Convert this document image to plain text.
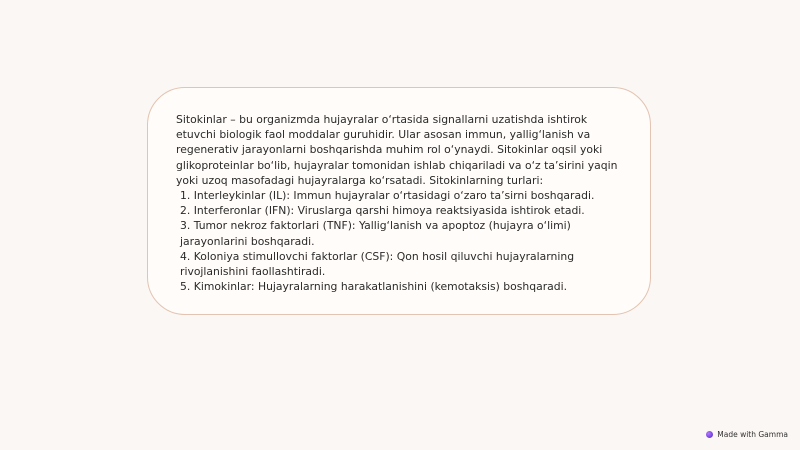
Sitokinlar – bu organizmda hujayralar o‘rtasida signallarni uzatishda ishtirok etuvchi biologik faol moddalar guruhidir. Ular asosan immun, yallig‘lanish va regenerativ jarayonlarni boshqarishda muhim rol o‘ynaydi. Sitokinlar oqsil yoki glikoproteinlar bo‘lib, hujayralar tomonidan ishlab chiqariladi va o‘z ta’sirini yaqin yoki uzoq masofadagi hujayralarga ko‘rsatadi. Sitokinlarning turlari:

1. Interleykinlar (IL): Immun hujayralar o‘rtasidagi o‘zaro ta’sirni boshqaradi.
2. Interferonlar (IFN): Viruslarga qarshi himoya reaktsiyasida ishtirok etadi.
3. Tumor nekroz faktorlari (TNF): Yallig‘lanish va apoptoz (hujayra o‘limi) jarayonlarini boshqaradi.
4. Koloniya stimullovchi faktorlar (CSF): Qon hosil qiluvchi hujayralarning rivojlanishini faollashtiradi.
5. Kimokinlar: Hujayralarning harakatlanishini (kemotaksis) boshqaradi.
Made with Gamma
